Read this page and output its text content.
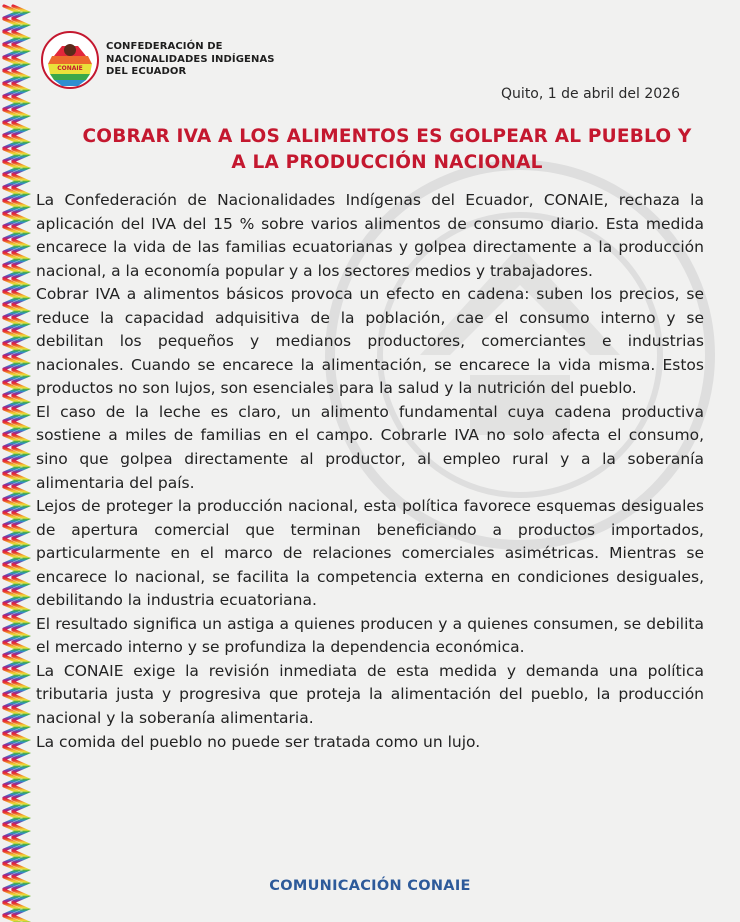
CONAIE
CONFEDERACIÓN DE
NACIONALIDADES INDÍGENAS
DEL ECUADOR
Quito, 1 de abril del 2026
COBRAR IVA A LOS ALIMENTOS ES GOLPEAR AL PUEBLO Y
A LA PRODUCCIÓN NACIONAL

La Confederación de Nacionalidades Indígenas del Ecuador, CONAIE, rechaza la aplicación del IVA del 15 % sobre varios alimentos de consumo diario. Esta medida encarece la vida de las familias ecuatorianas y golpea directamente a la producción nacional, a la economía popular y a los sectores medios y trabajadores.

Cobrar IVA a alimentos básicos provoca un efecto en cadena: suben los precios, se reduce la capacidad adquisitiva de la población, cae el consumo interno y se debilitan los pequeños y medianos productores, comerciantes e industrias nacionales. Cuando se encarece la alimentación, se encarece la vida misma. Estos productos no son lujos, son esenciales para la salud y la nutrición del pueblo.

El caso de la leche es claro, un alimento fundamental cuya cadena productiva sostiene a miles de familias en el campo. Cobrarle IVA no solo afecta el consumo, sino que golpea directamente al productor, al empleo rural y a la soberanía alimentaria del país.

Lejos de proteger la producción nacional, esta política favorece esquemas desiguales de apertura comercial que terminan beneficiando a productos importados, particularmente en el marco de relaciones comerciales asimétricas. Mientras se encarece lo nacional, se facilita la competencia externa en condiciones desiguales, debilitando la industria ecuatoriana.

El resultado significa un astiga a quienes producen y a quienes consumen, se debilita el mercado interno y se profundiza la dependencia económica.

La CONAIE exige la revisión inmediata de esta medida y demanda una política tributaria justa y progresiva que proteja la alimentación del pueblo, la producción nacional y la soberanía alimentaria.

La comida del pueblo no puede ser tratada como un lujo.

COMUNICACIÓN CONAIE
